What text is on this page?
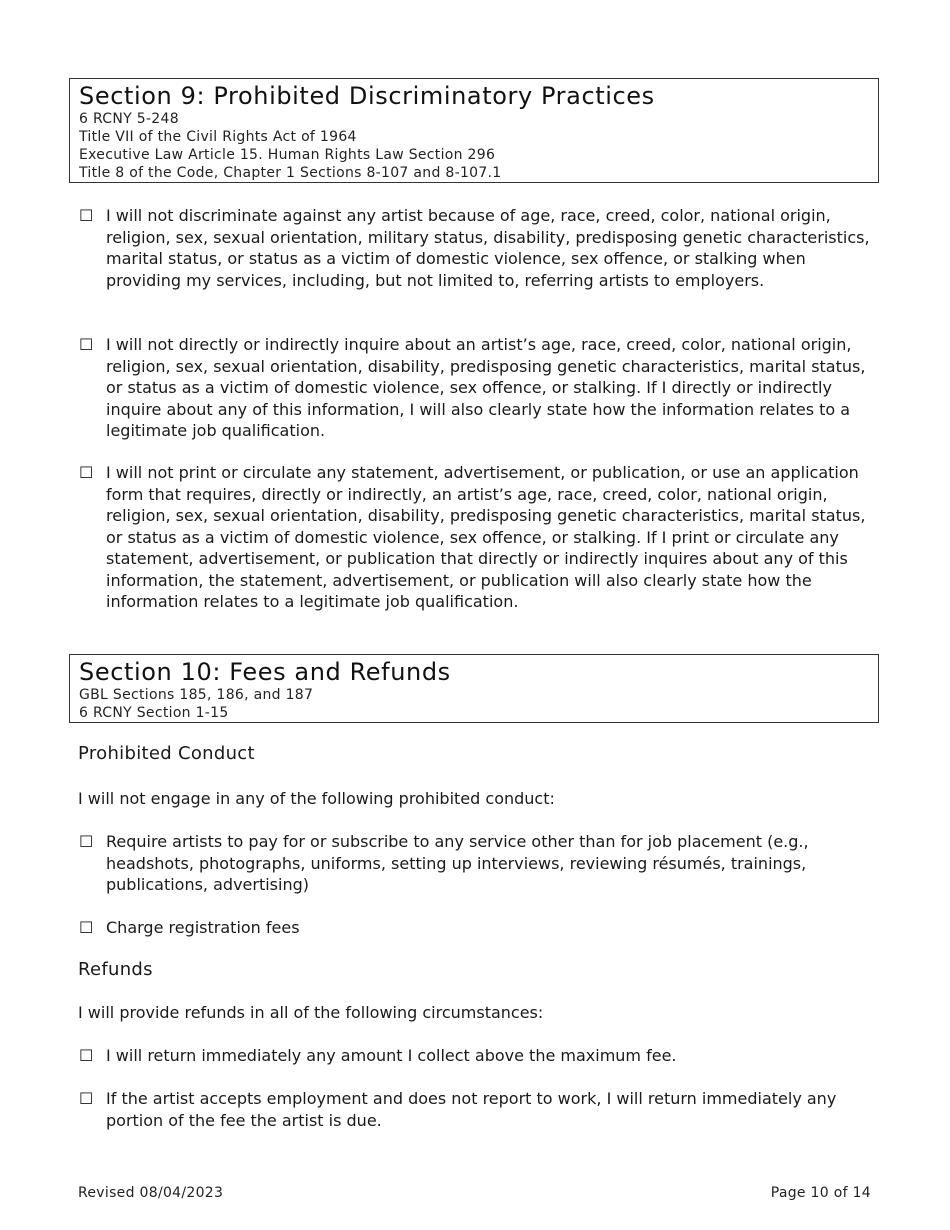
Section 9: Prohibited Discriminatory Practices
6 RCNY 5-248
Title VII of the Civil Rights Act of 1964
Executive Law Article 15. Human Rights Law Section 296
Title 8 of the Code, Chapter 1 Sections 8-107 and 8-107.1
☐ I will not discriminate against any artist because of age, race, creed, color, national origin, religion, sex, sexual orientation, military status, disability, predisposing genetic characteristics, marital status, or status as a victim of domestic violence, sex offence, or stalking when providing my services, including, but not limited to, referring artists to employers.
☐ I will not directly or indirectly inquire about an artist’s age, race, creed, color, national origin, religion, sex, sexual orientation, disability, predisposing genetic characteristics, marital status, or status as a victim of domestic violence, sex offence, or stalking. If I directly or indirectly inquire about any of this information, I will also clearly state how the information relates to a legitimate job qualification.
☐ I will not print or circulate any statement, advertisement, or publication, or use an application form that requires, directly or indirectly, an artist’s age, race, creed, color, national origin, religion, sex, sexual orientation, disability, predisposing genetic characteristics, marital status, or status as a victim of domestic violence, sex offence, or stalking. If I print or circulate any statement, advertisement, or publication that directly or indirectly inquires about any of this information, the statement, advertisement, or publication will also clearly state how the information relates to a legitimate job qualification.
Section 10: Fees and Refunds
GBL Sections 185, 186, and 187
6 RCNY Section 1-15
Prohibited Conduct
I will not engage in any of the following prohibited conduct:
☐ Require artists to pay for or subscribe to any service other than for job placement (e.g., headshots, photographs, uniforms, setting up interviews, reviewing résumés, trainings, publications, advertising)
☐ Charge registration fees
Refunds
I will provide refunds in all of the following circumstances:
☐ I will return immediately any amount I collect above the maximum fee.
☐ If the artist accepts employment and does not report to work, I will return immediately any portion of the fee the artist is due.
Revised 08/04/2023	Page 10 of 14
